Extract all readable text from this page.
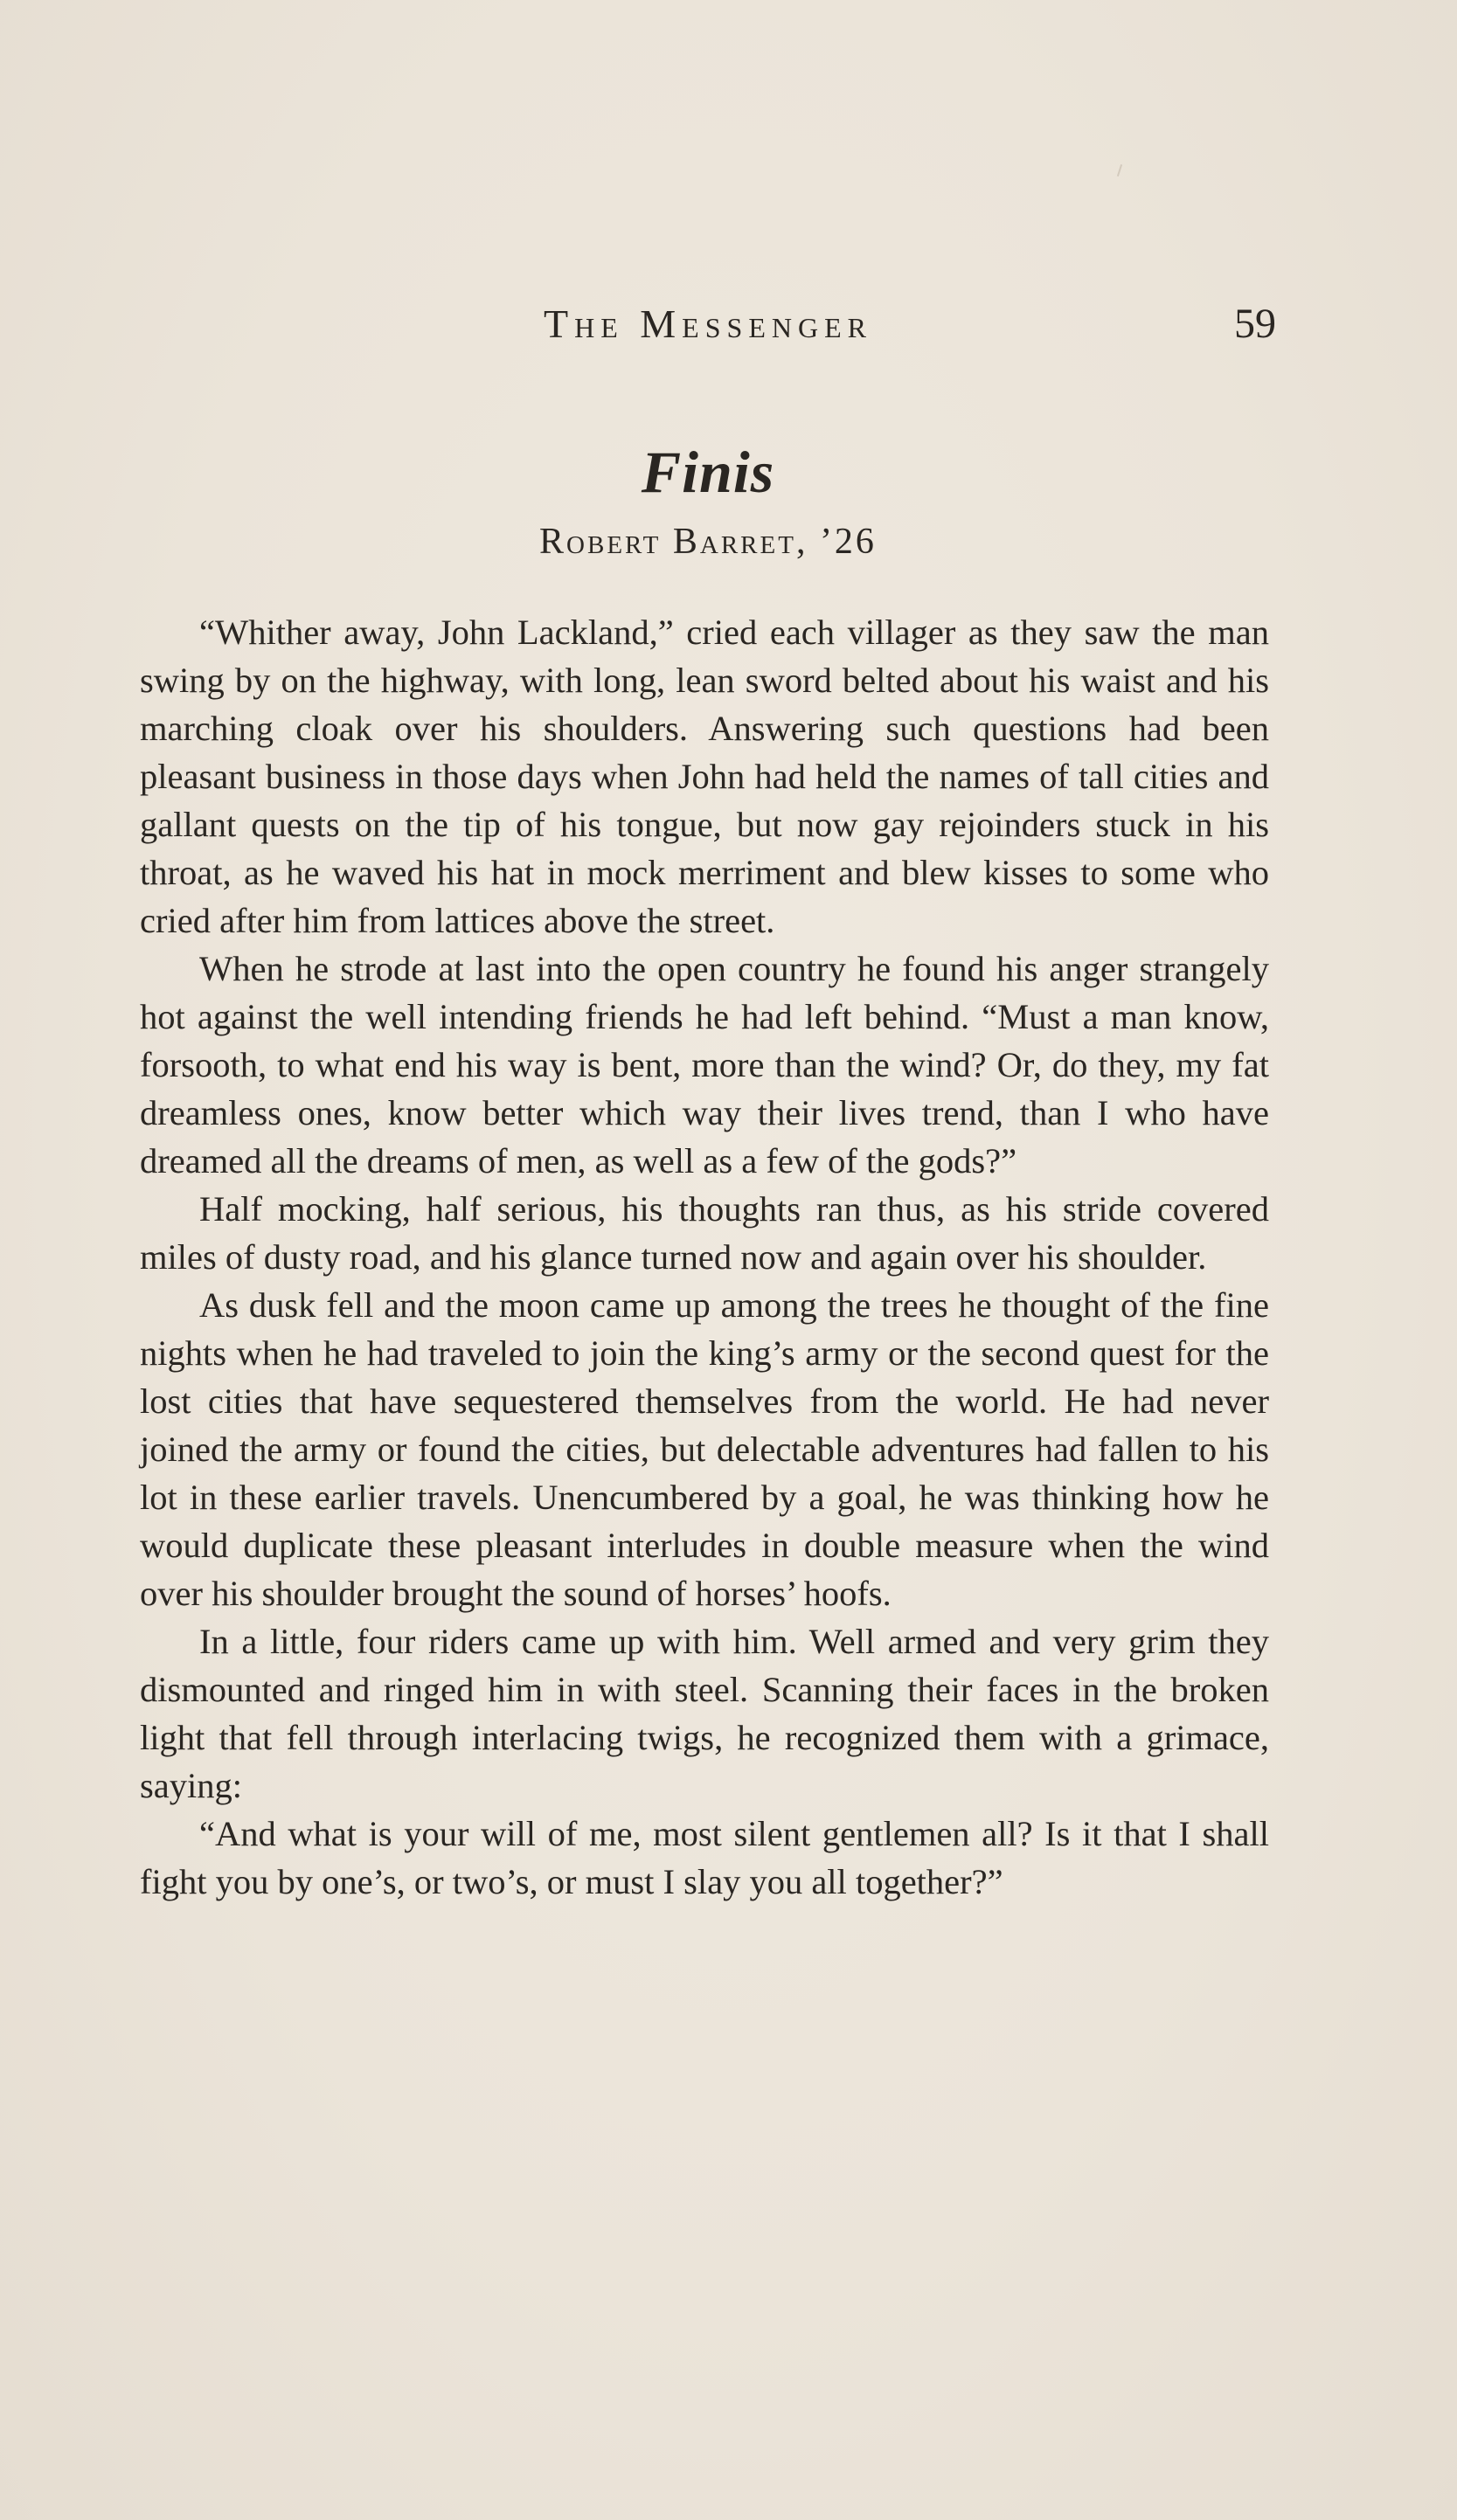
The Messenger	59
Finis
Robert Barret, ’26

“Whither away, John Lackland,” cried each villager as they saw the man swing by on the highway, with long, lean sword belted about his waist and his marching cloak over his shoulders. Answering such questions had been pleasant business in those days when John had held the names of tall cities and gallant quests on the tip of his tongue, but now gay rejoinders stuck in his throat, as he waved his hat in mock merriment and blew kisses to some who cried after him from lattices above the street.

When he strode at last into the open country he found his anger strangely hot against the well intending friends he had left behind. “Must a man know, forsooth, to what end his way is bent, more than the wind? Or, do they, my fat dreamless ones, know better which way their lives trend, than I who have dreamed all the dreams of men, as well as a few of the gods?”

Half mocking, half serious, his thoughts ran thus, as his stride covered miles of dusty road, and his glance turned now and again over his shoulder.

As dusk fell and the moon came up among the trees he thought of the fine nights when he had traveled to join the king’s army or the second quest for the lost cities that have sequestered themselves from the world. He had never joined the army or found the cities, but delectable adventures had fallen to his lot in these earlier travels. Unencumbered by a goal, he was thinking how he would duplicate these pleasant interludes in double measure when the wind over his shoulder brought the sound of horses’ hoofs.

In a little, four riders came up with him. Well armed and very grim they dismounted and ringed him in with steel. Scanning their faces in the broken light that fell through interlacing twigs, he recognized them with a grimace, saying:

“And what is your will of me, most silent gentlemen all? Is it that I shall fight you by one’s, or two’s, or must I slay you all together?”
